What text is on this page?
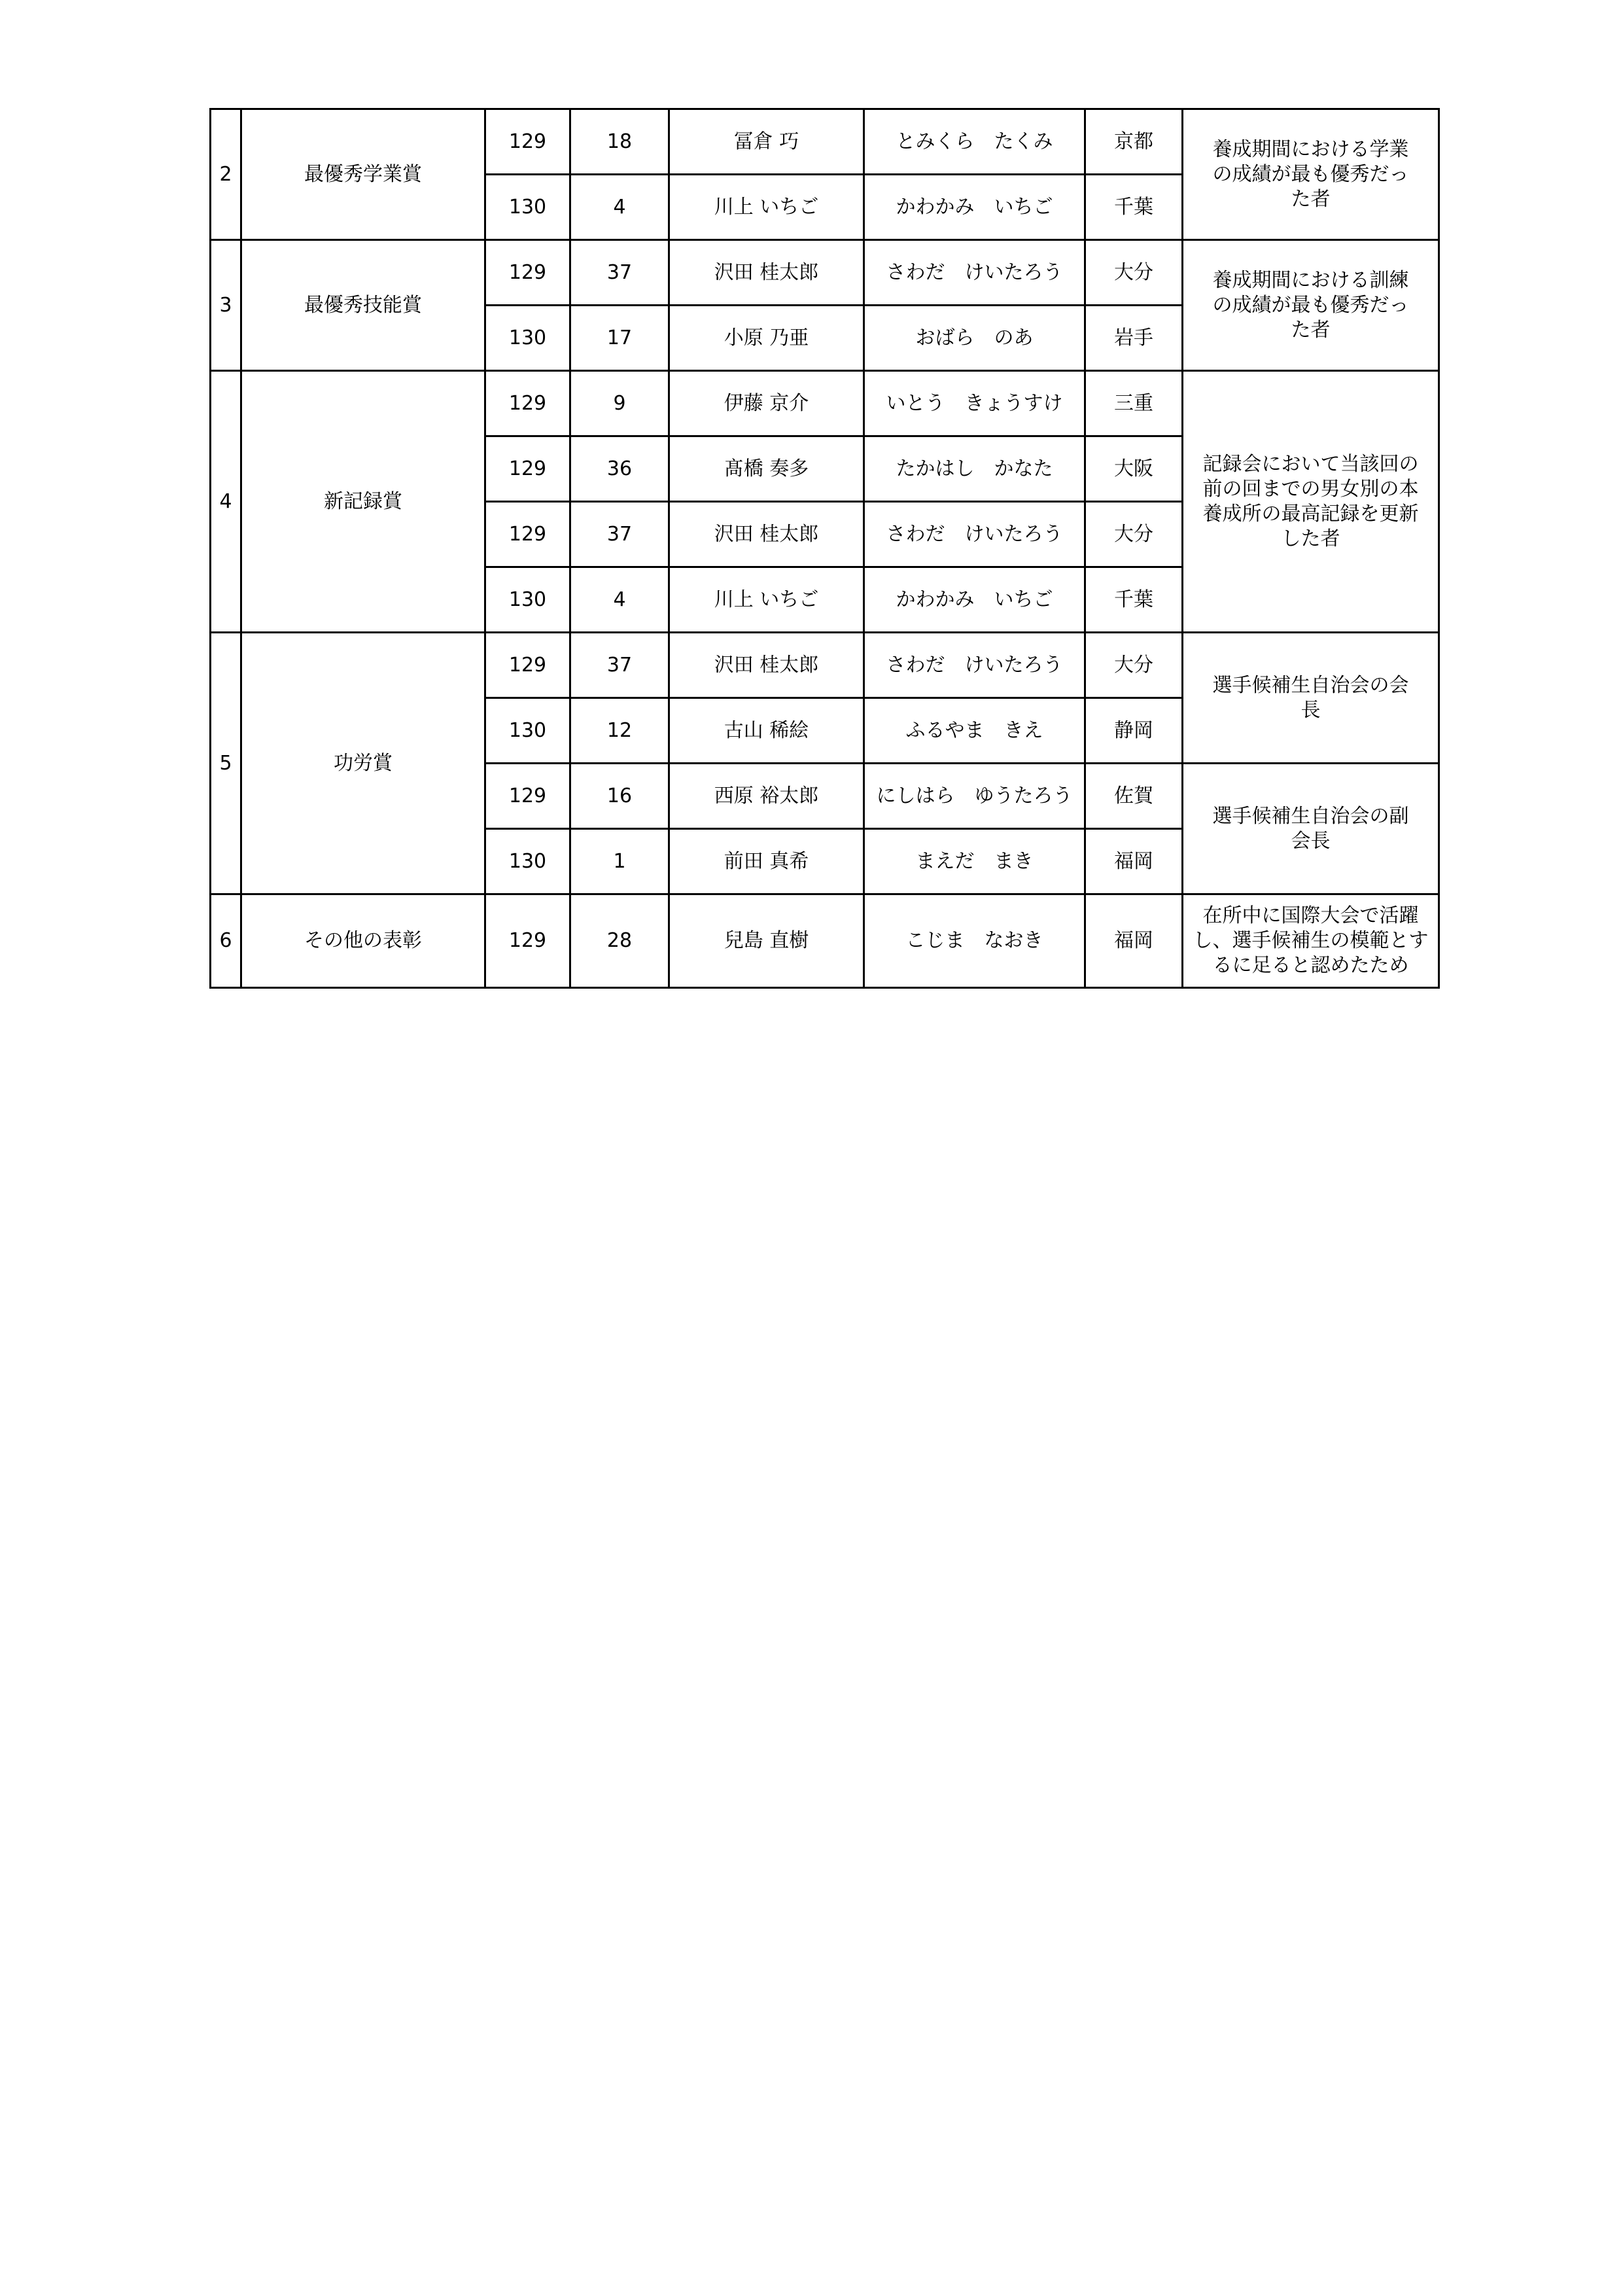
2	最優秀学業賞	129	18	冨倉 巧	とみくら　たくみ	京都	養成期間における学業の成績が最も優秀だった者
		130	4	川上 いちご	かわかみ　いちご	千葉	
3	最優秀技能賞	129	37	沢田 桂太郎	さわだ　けいたろう	大分	養成期間における訓練の成績が最も優秀だった者
		130	17	小原 乃亜	おばら　のあ	岩手	
4	新記録賞	129	9	伊藤 京介	いとう　きょうすけ	三重	記録会において当該回の前の回までの男女別の本養成所の最高記録を更新した者
		129	36	髙橋 奏多	たかはし　かなた	大阪	
		129	37	沢田 桂太郎	さわだ　けいたろう	大分	
		130	4	川上 いちご	かわかみ　いちご	千葉	
5	功労賞	129	37	沢田 桂太郎	さわだ　けいたろう	大分	選手候補生自治会の会長
		130	12	古山 稀絵	ふるやま　きえ	静岡	
		129	16	西原 裕太郎	にしはら　ゆうたろう	佐賀	選手候補生自治会の副会長
		130	1	前田 真希	まえだ　まき	福岡	
6	その他の表彰	129	28	兒島 直樹	こじま　なおき	福岡	在所中に国際大会で活躍し、選手候補生の模範とするに足ると認めたため
